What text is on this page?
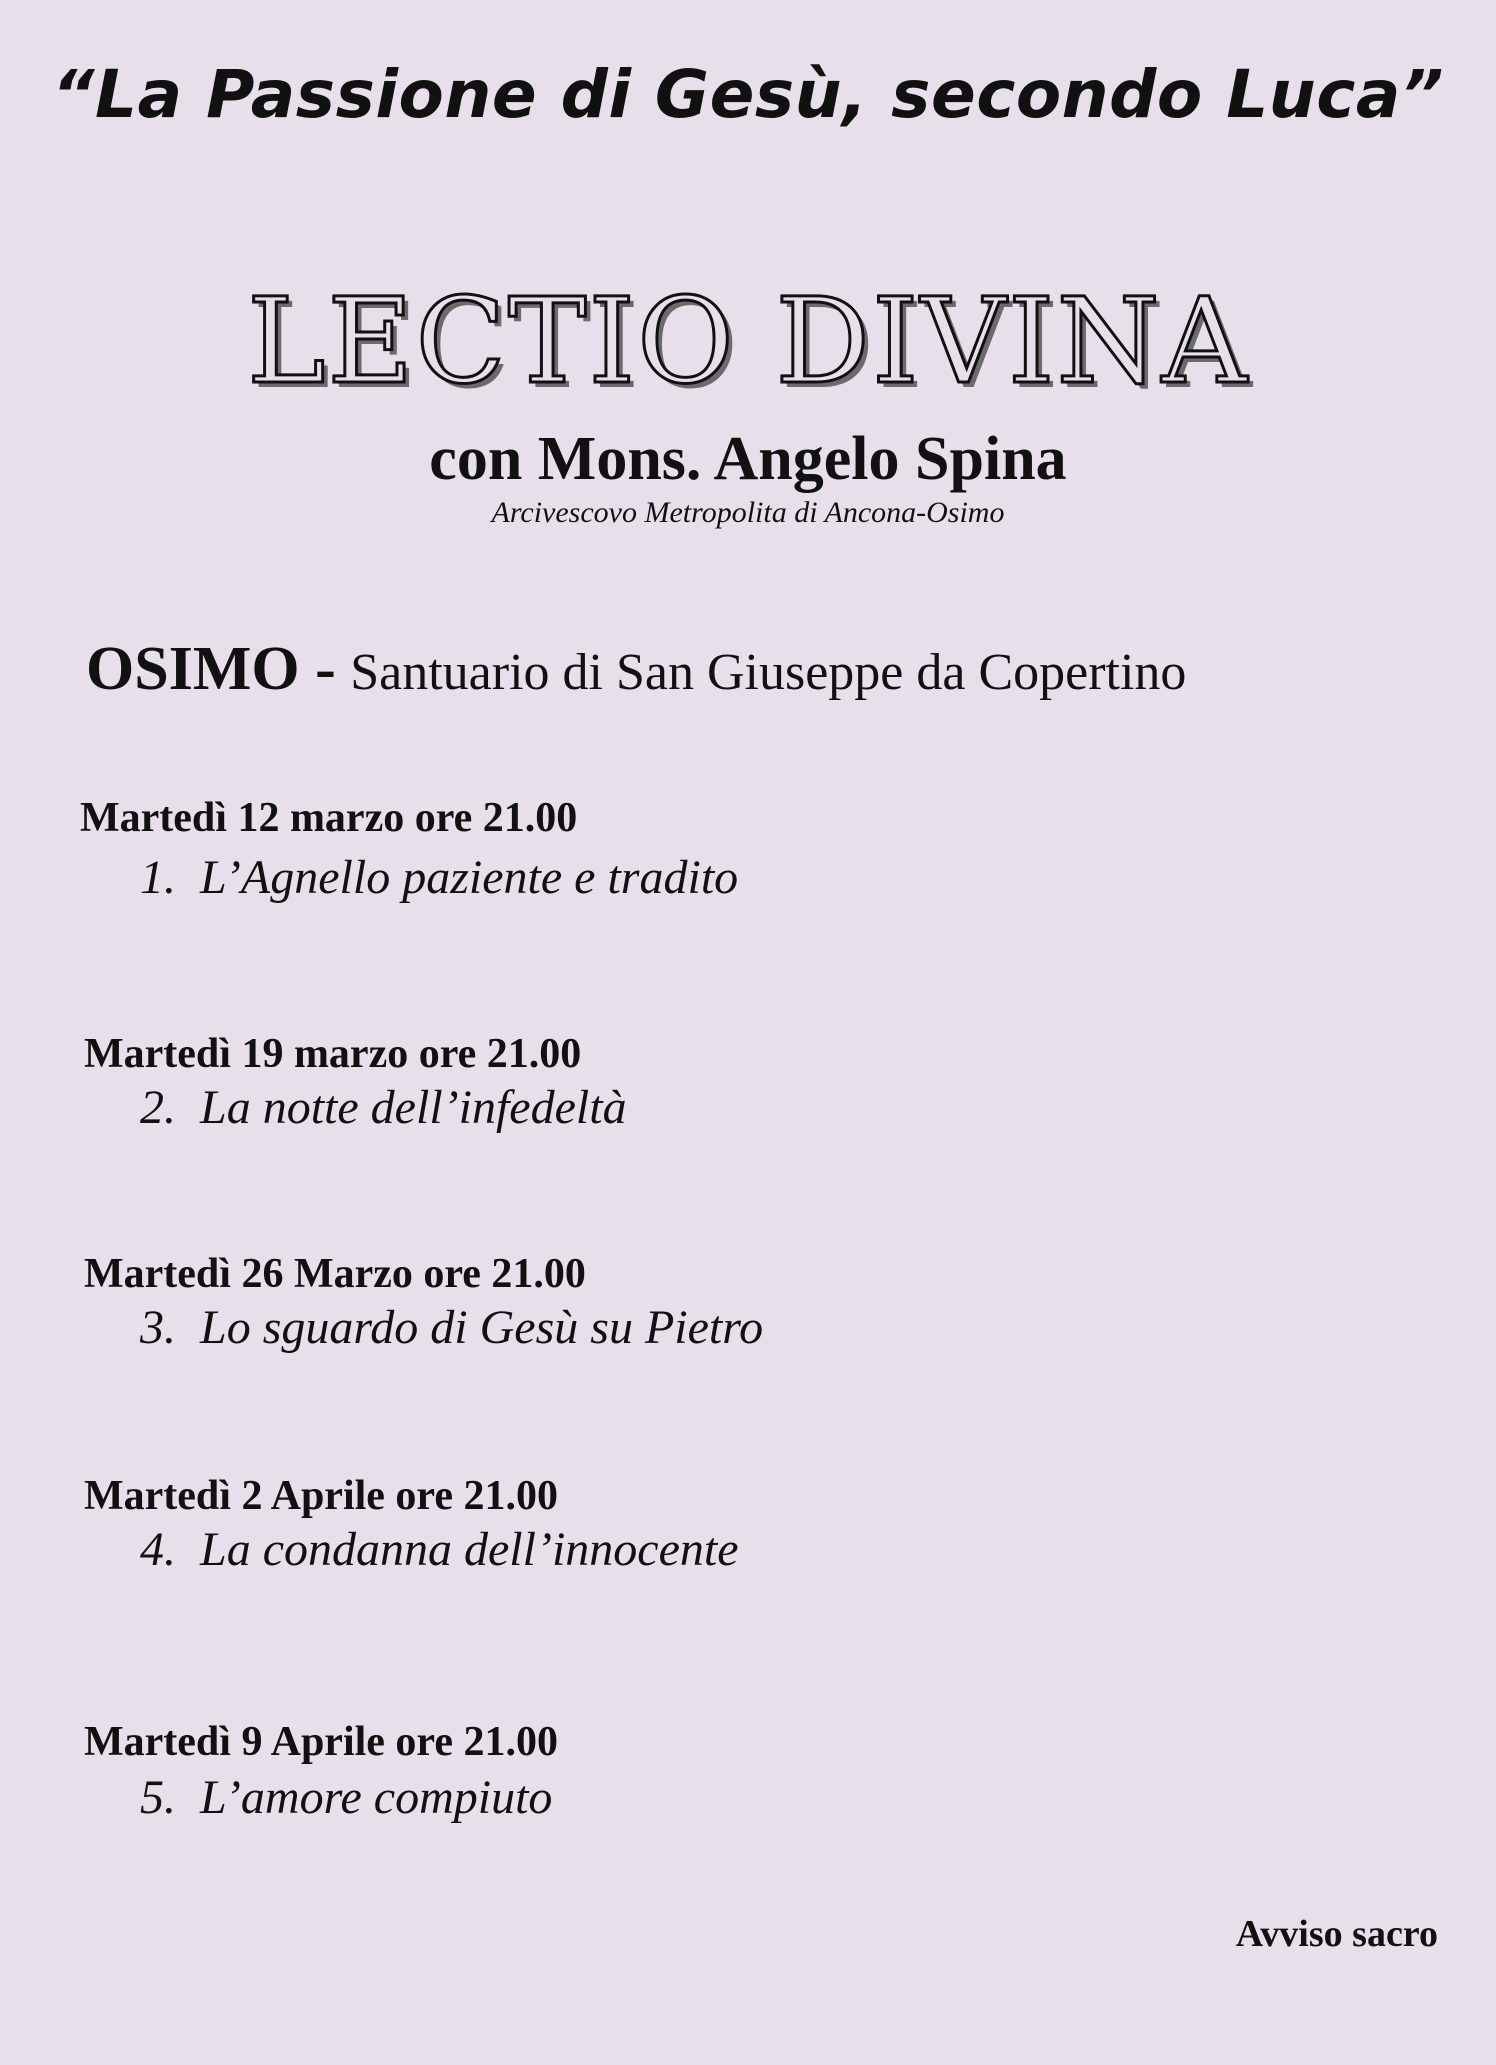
“La Passione di Gesù, secondo Luca”
LECTIO DIVINA
con Mons. Angelo Spina
Arcivescovo Metropolita di Ancona-Osimo
OSIMO - Santuario di San Giuseppe da Copertino
Martedì 12 marzo ore 21.00
1. L’Agnello paziente e tradito
Martedì 19 marzo ore 21.00
2. La notte dell’infedeltà
Martedì 26 Marzo ore 21.00
3. Lo sguardo di Gesù su Pietro
Martedì 2 Aprile ore 21.00
4. La condanna dell’innocente
Martedì 9 Aprile ore 21.00
5. L’amore compiuto
Avviso sacro
